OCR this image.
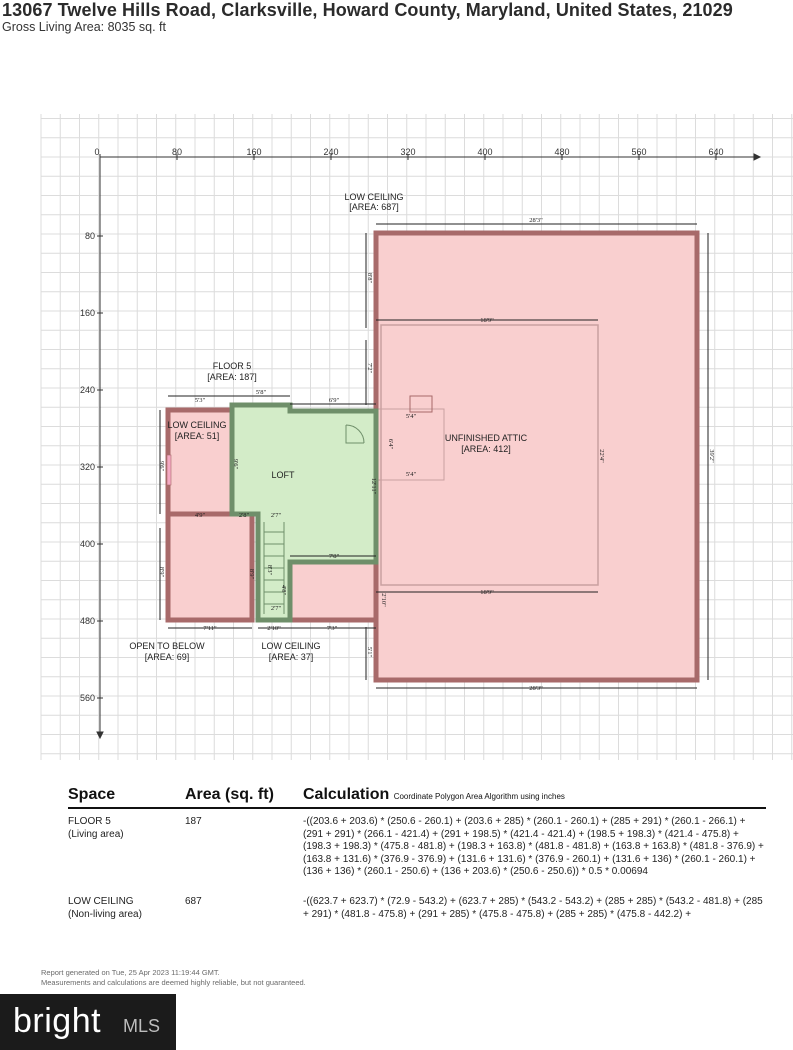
13067 Twelve Hills Road, Clarksville, Howard County, Maryland, United States, 21029
Gross Living Area: 8035 sq. ft
0	80	160	240	320	400	480	560	640
80
160
240
320
400
480
560
LOW CEILING
[AREA: 687]
FLOOR 5
[AREA: 187]
LOW CEILING
[AREA: 51]
LOFT
UNFINISHED ATTIC
[AREA: 412]
OPEN TO BELOW
[AREA: 69]
LOW CEILING
[AREA: 37]
28'3"
18'9"
18'9"
28'3"
8'8"
7'2"
39'2"
22'4"
5'3"
5'8"
6'9"
5'4"
5'4"
6'4"
9'6"	9'6"
12'11"
4'9"	2'8"	2'7"
7'8"
8'9"	8'9" 8'3"
4'8"
2'7"
7'11"	2'10"	7'3"
2'10"
5'1"
Space	Area (sq. ft) Calculation Coordinate Polygon Area Algorithm using inches
FLOOR 5
(Living area)
187	-((203.6 + 203.6) * (250.6 - 260.1) + (203.6 + 285) * (260.1 - 260.1) + (285 + 291) * (260.1 - 266.1) + (291 + 291) * (266.1 - 421.4) + (291 + 198.5) * (421.4 - 421.4) + (198.5 + 198.3) * (421.4 - 475.8) + (198.3 + 198.3) * (475.8 - 481.8) + (198.3 + 163.8) * (481.8 - 481.8) + (163.8 + 163.8) * (481.8 - 376.9) + (163.8 + 131.6) * (376.9 - 376.9) + (131.6 + 131.6) * (376.9 - 260.1) + (131.6 + 136) * (260.1 - 260.1) + (136 + 136) * (260.1 - 250.6) + (136 + 203.6) * (250.6 - 250.6)) * 0.5 * 0.00694
LOW CEILING
(Non-living area)
687	-((623.7 + 623.7) * (72.9 - 543.2) + (623.7 + 285) * (543.2 - 543.2) + (285 + 285) * (543.2 - 481.8) + (285 + 291) * (481.8 - 475.8) + (291 + 285) * (475.8 - 475.8) + (285 + 285) * (475.8 - 442.2) +
Report generated on Tue, 25 Apr 2023 11:19:44 GMT.
Measurements and calculations are deemed highly reliable, but not guaranteed.
bright MLS
